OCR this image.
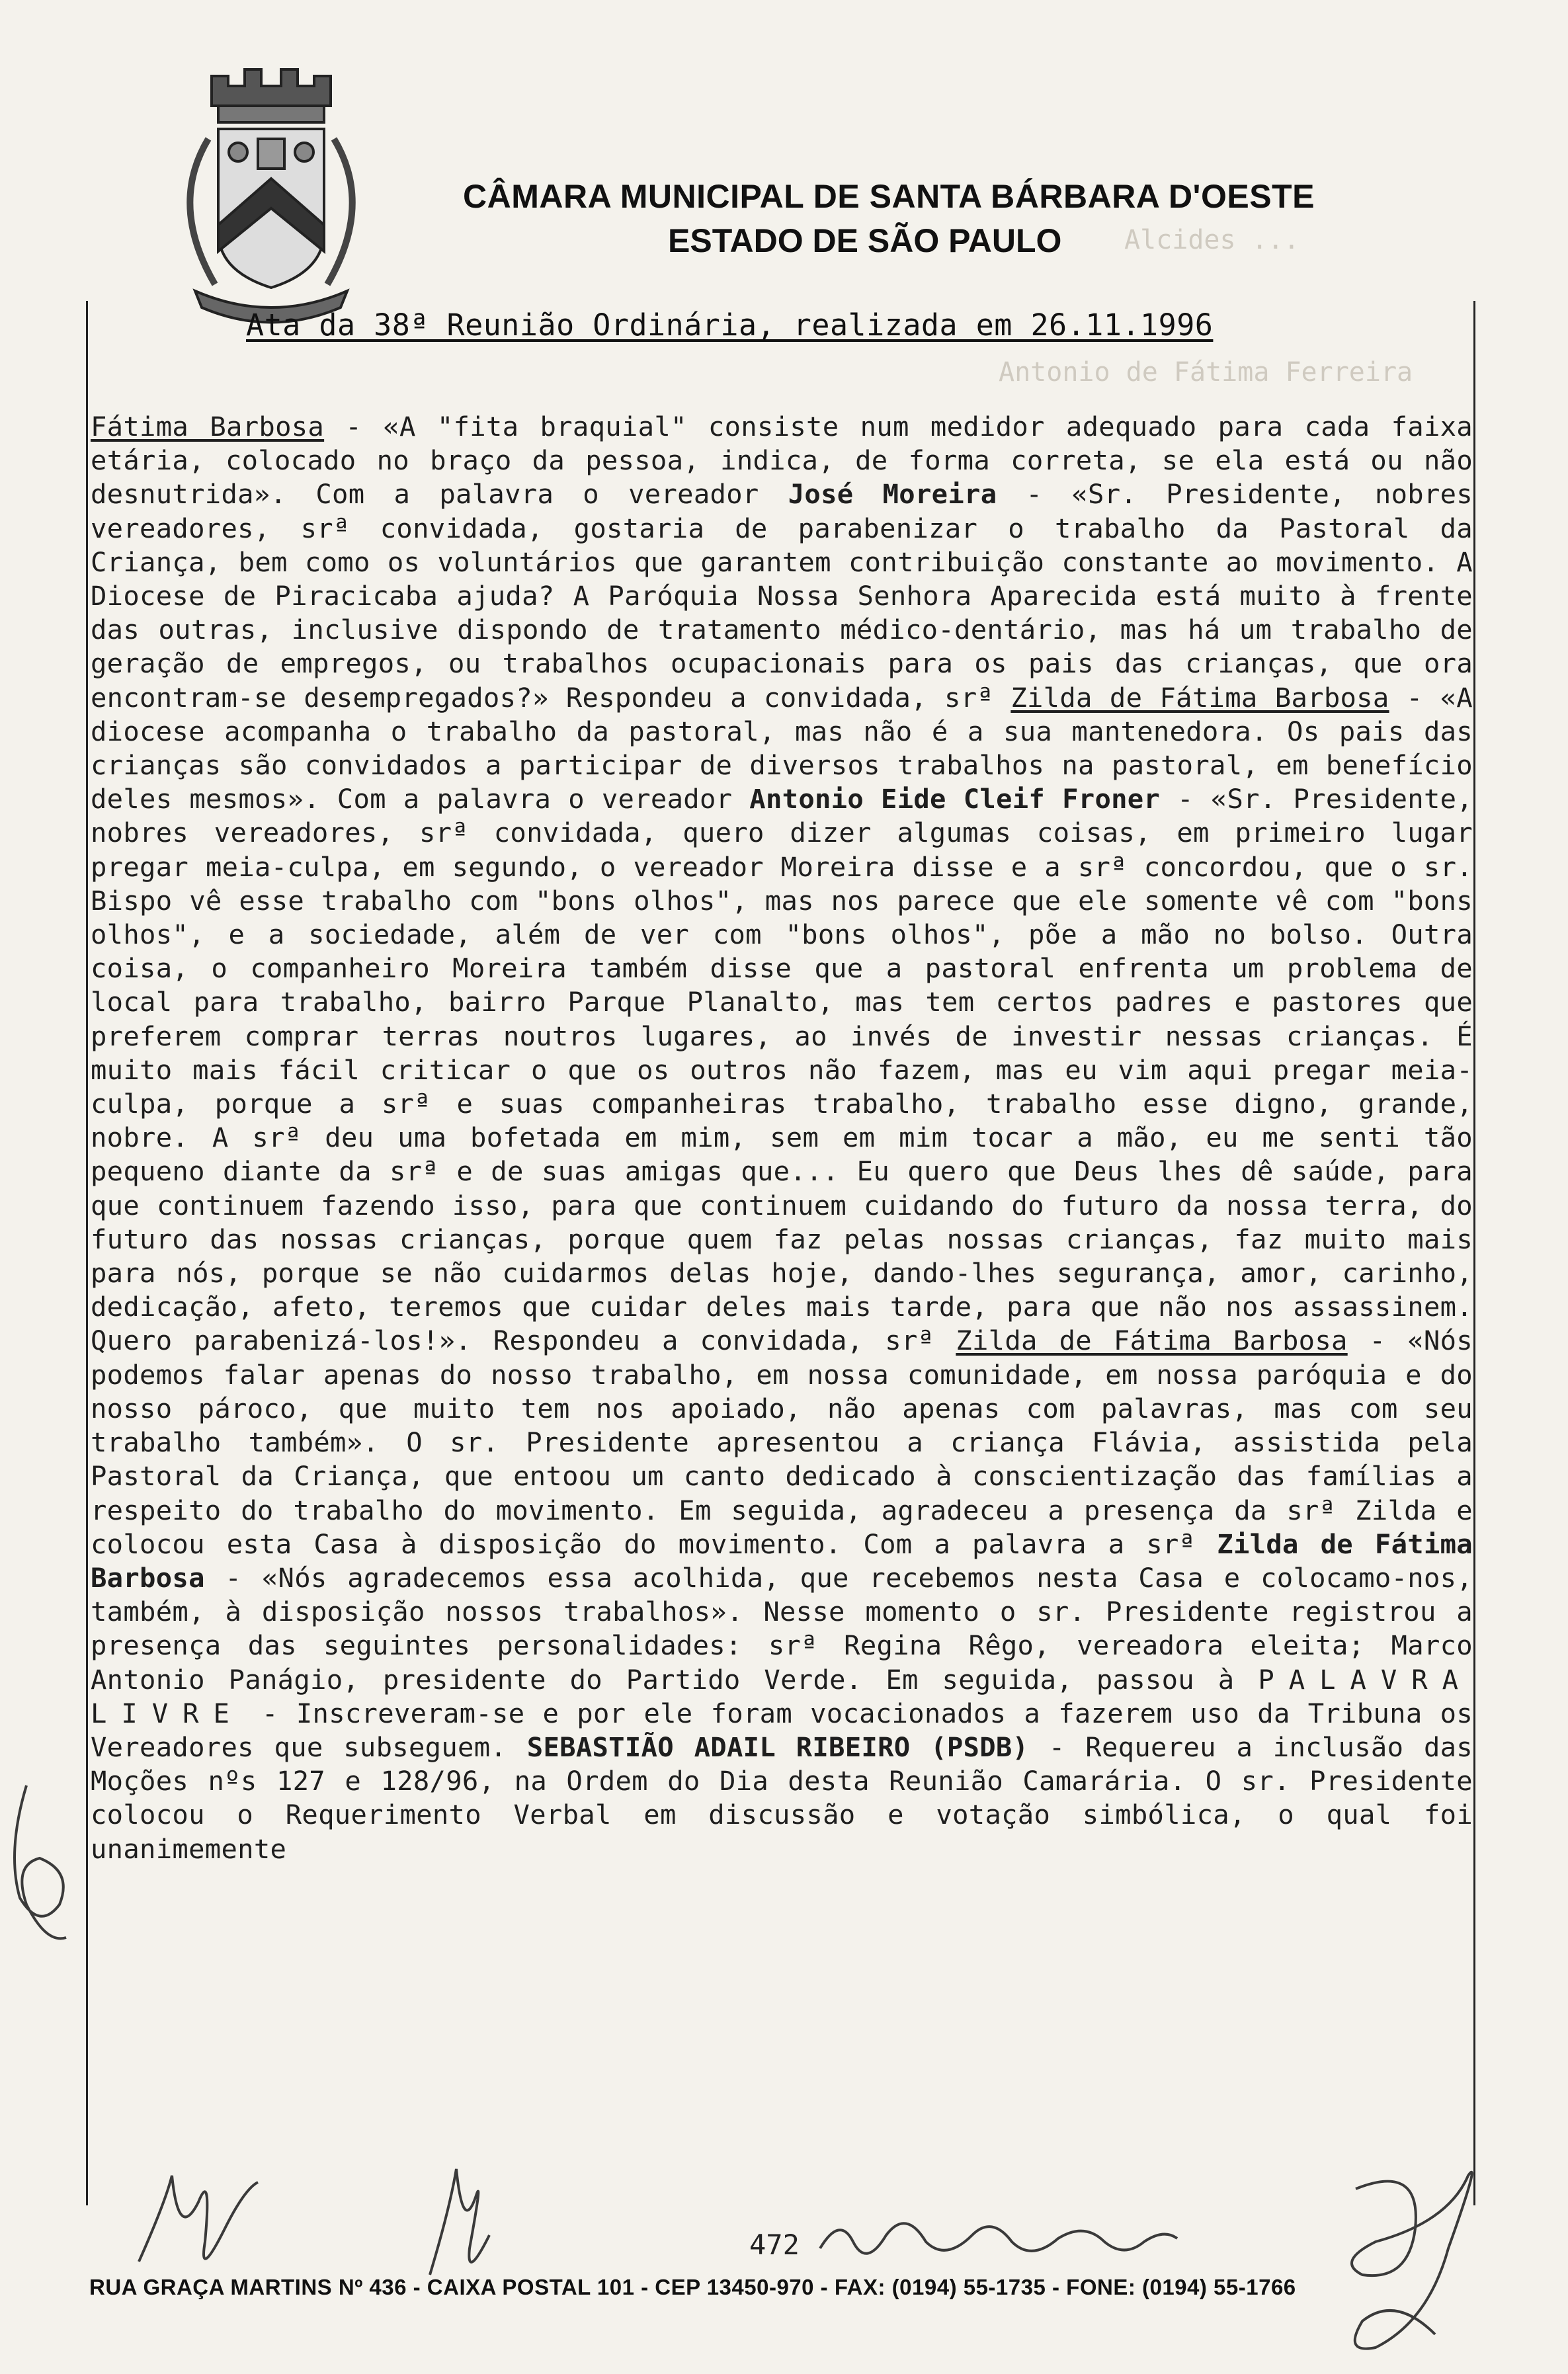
CÂMARA MUNICIPAL DE SANTA BÁRBARA D'OESTE
ESTADO DE SÃO PAULO Alcides ...
Antonio de Fátima Ferreira
Ata da 38ª Reunião Ordinária, realizada em 26.11.1996

Fátima Barbosa - «A "fita braquial" consiste num medidor adequado para cada faixa etária, colocado no braço da pessoa, indica, de forma correta, se ela está ou não desnutrida». Com a palavra o vereador José Moreira - «Sr. Presidente, nobres vereadores, srª convidada, gostaria de parabenizar o trabalho da Pastoral da Criança, bem como os voluntários que garantem contribuição constante ao movimento. A Diocese de Piracicaba ajuda? A Paróquia Nossa Senhora Aparecida está muito à frente das outras, inclusive dispondo de tratamento médico-dentário, mas há um trabalho de geração de empregos, ou trabalhos ocupacionais para os pais das crianças, que ora encontram-se desempregados?» Respondeu a convidada, srª Zilda de Fátima Barbosa - «A diocese acompanha o trabalho da pastoral, mas não é a sua mantenedora. Os pais das crianças são convidados a participar de diversos trabalhos na pastoral, em benefício deles mesmos». Com a palavra o vereador Antonio Eide Cleif Froner - «Sr. Presidente, nobres vereadores, srª convidada, quero dizer algumas coisas, em primeiro lugar pregar meia-culpa, em segundo, o vereador Moreira disse e a srª concordou, que o sr. Bispo vê esse trabalho com "bons olhos", mas nos parece que ele somente vê com "bons olhos", e a sociedade, além de ver com "bons olhos", põe a mão no bolso. Outra coisa, o companheiro Moreira também disse que a pastoral enfrenta um problema de local para trabalho, bairro Parque Planalto, mas tem certos padres e pastores que preferem comprar terras noutros lugares, ao invés de investir nessas crianças. É muito mais fácil criticar o que os outros não fazem, mas eu vim aqui pregar meia-culpa, porque a srª e suas companheiras trabalho, trabalho esse digno, grande, nobre. A srª deu uma bofetada em mim, sem em mim tocar a mão, eu me senti tão pequeno diante da srª e de suas amigas que... Eu quero que Deus lhes dê saúde, para que continuem fazendo isso, para que continuem cuidando do futuro da nossa terra, do futuro das nossas crianças, porque quem faz pelas nossas crianças, faz muito mais para nós, porque se não cuidarmos delas hoje, dando-lhes segurança, amor, carinho, dedicação, afeto, teremos que cuidar deles mais tarde, para que não nos assassinem. Quero parabenizá-los!». Respondeu a convidada, srª Zilda de Fátima Barbosa - «Nós podemos falar apenas do nosso trabalho, em nossa comunidade, em nossa paróquia e do nosso pároco, que muito tem nos apoiado, não apenas com palavras, mas com seu trabalho também». O sr. Presidente apresentou a criança Flávia, assistida pela Pastoral da Criança, que entoou um canto dedicado à conscientização das famílias a respeito do trabalho do movimento. Em seguida, agradeceu a presença da srª Zilda e colocou esta Casa à disposição do movimento. Com a palavra a srª Zilda de Fátima Barbosa - «Nós agradecemos essa acolhida, que recebemos nesta Casa e colocamo-nos, também, à disposição nossos trabalhos». Nesse momento o sr. Presidente registrou a presença das seguintes personalidades: srª Regina Rêgo, vereadora eleita; Marco Antonio Panágio, presidente do Partido Verde. Em seguida, passou à PALAVRA LIVRE - Inscreveram-se e por ele foram vocacionados a fazerem uso da Tribuna os Vereadores que subseguem. SEBASTIÃO ADAIL RIBEIRO (PSDB) - Requereu a inclusão das Moções nºs 127 e 128/96, na Ordem do Dia desta Reunião Camarária. O sr. Presidente colocou o Requerimento Verbal em discussão e votação simbólica, o qual foi unanimemente

472
RUA GRAÇA MARTINS Nº 436 - CAIXA POSTAL 101 - CEP 13450-970 - FAX: (0194) 55-1735 - FONE: (0194) 55-1766
